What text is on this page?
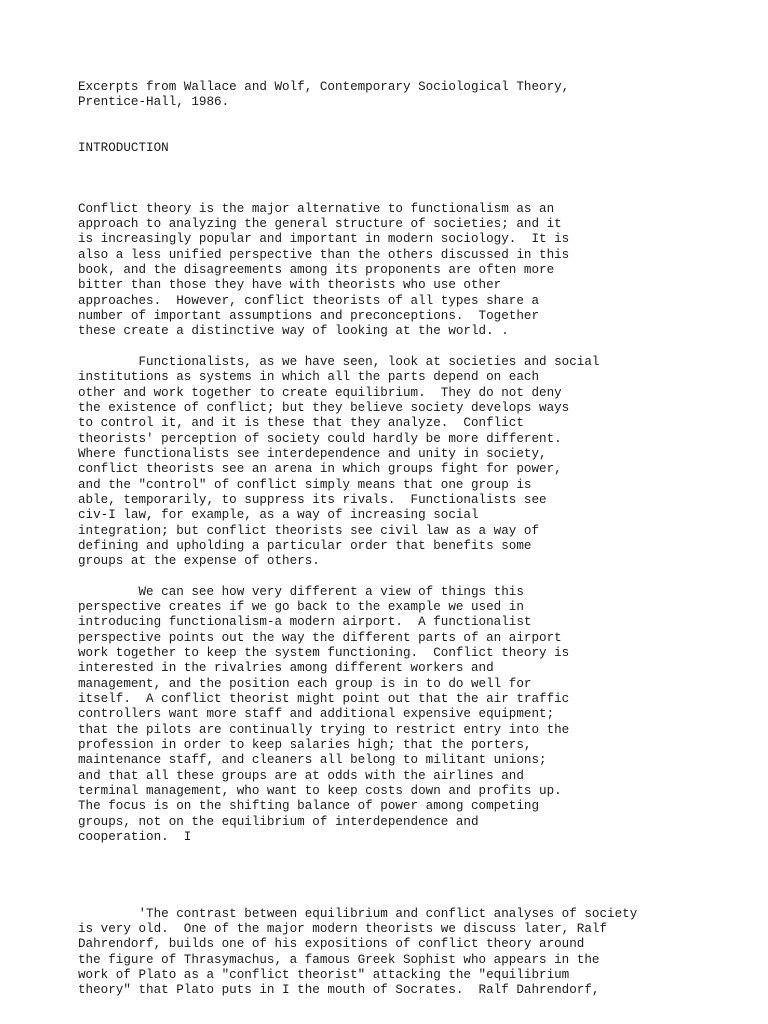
Excerpts from Wallace and Wolf, Contemporary Sociological Theory,

Prentice-Hall, 1986.

INTRODUCTION

Conflict theory is the major alternative to functionalism as an

approach to analyzing the general structure of societies; and it

is increasingly popular and important in modern sociology.  It is

also a less unified perspective than the others discussed in this

book, and the disagreements among its proponents are often more

bitter than those they have with theorists who use other

approaches.  However, conflict theorists of all types share a

number of important assumptions and preconceptions.  Together

these create a distinctive way of looking at the world. .

Functionalists, as we have seen, look at societies and social

institutions as systems in which all the parts depend on each

other and work together to create equilibrium.  They do not deny

the existence of conflict; but they believe society develops ways

to control it, and it is these that they analyze.  Conflict

theorists' perception of society could hardly be more different.

Where functionalists see interdependence and unity in society,

conflict theorists see an arena in which groups fight for power,

and the "control" of conflict simply means that one group is

able, temporarily, to suppress its rivals.  Functionalists see

civ-I law, for example, as a way of increasing social

integration; but conflict theorists see civil law as a way of

defining and upholding a particular order that benefits some

groups at the expense of others.

We can see how very different a view of things this

perspective creates if we go back to the example we used in

introducing functionalism-a modern airport.  A functionalist

perspective points out the way the different parts of an airport

work together to keep the system functioning.  Conflict theory is

interested in the rivalries among different workers and

management, and the position each group is in to do well for

itself.  A conflict theorist might point out that the air traffic

controllers want more staff and additional expensive equipment;

that the pilots are continually trying to restrict entry into the

profession in order to keep salaries high; that the porters,

maintenance staff, and cleaners all belong to militant unions;

and that all these groups are at odds with the airlines and

terminal management, who want to keep costs down and profits up.

The focus is on the shifting balance of power among competing

groups, not on the equilibrium of interdependence and

cooperation.  I

'The contrast between equilibrium and conflict analyses of society

is very old.  One of the major modern theorists we discuss later, Ralf

Dahrendorf, builds one of his expositions of conflict theory around

the figure of Thrasymachus, a famous Greek Sophist who appears in the

work of Plato as a "conflict theorist" attacking the "equilibrium

theory" that Plato puts in I the mouth of Socrates.  Ralf Dahrendorf,
